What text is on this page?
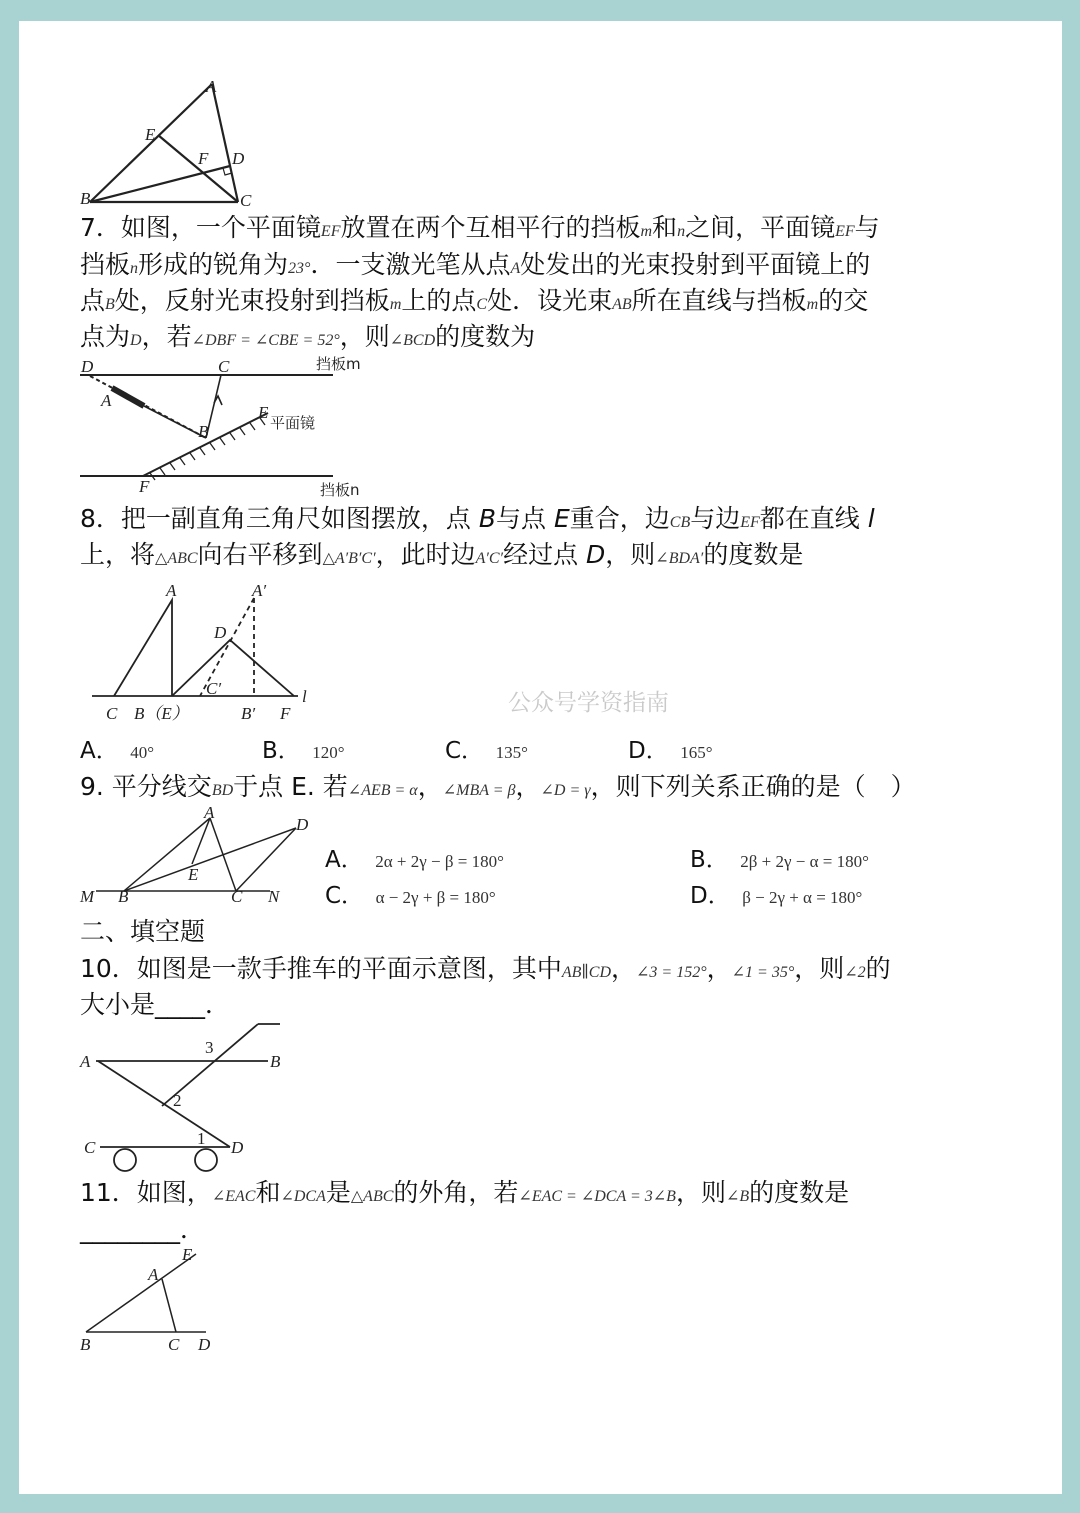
A
E
F D
B	C
7．如图，一个平面镜EF放置在两个互相平行的挡板m和n之间，平面镜EF与
挡板n形成的锐角为23°．一支激光笔从点A处发出的光束投射到平面镜上的
点B处，反射光束投射到挡板m上的点C处．设光束AB所在直线与挡板m的交
点为D，若∠DBF = ∠CBE = 52°，则∠BCD的度数为
D	C
A
B
E
F
挡板m
平面镜
挡板n
8．把一副直角三角尺如图摆放，点 B与点 E重合，边CB与边EF都在直线 l
上，将△ABC向右平移到△A′B′C′，此时边A′C′经过点 D，则∠BDA′的度数是
A	A′
D
C′	l
C B（E）	B′ F	公众号学资指南
A．　 40°	B．　 120°	C．　 135°	D．　 165°
9. 平分线交BD于点 E. 若∠AEB = α，∠MBA = β，∠D = γ，则下列关系正确的是（　）
A
D
E
M B	C N
A．　 2α + 2γ − β = 180°	B．　 2β + 2γ − α = 180°
C．　 α − 2γ + β = 180°	D．　 β − 2γ + α = 180°
二、填空题
10．如图是一款手推车的平面示意图，其中AB∥CD，∠3 = 152°，∠1 = 35°，则∠2的
大小是____．
A	B
3
2
1
C	D
11．如图，∠EAC和∠DCA是△ABC的外角，若∠EAC = ∠DCA = 3∠B，则∠B的度数是
________．
E
A
B	C D
